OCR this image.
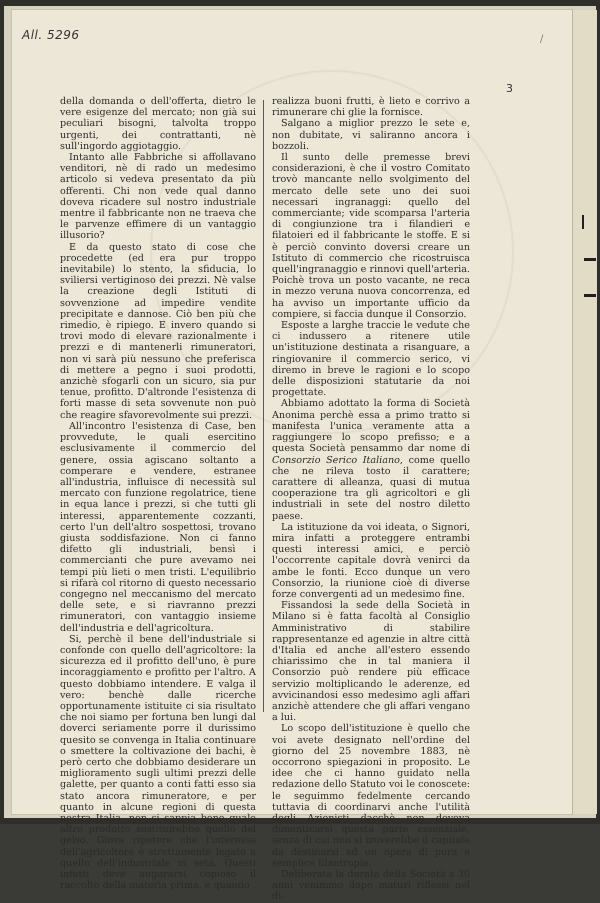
All. 5296	/
3

della domanda o dell'offerta, dietro le vere esigenze del mercato; non già sui peculiari bisogni, talvolta troppo urgenti, dei contrattanti, nè sull'ingordo aggiotaggio.

Intanto alle Fabbriche si affollavano venditori, nè di rado un medesimo articolo si vedeva presentato da più offerenti. Chi non vede qual danno doveva ricadere sul nostro industriale mentre il fabbricante non ne traeva che le parvenze effimere di un vantaggio illusorio?

E da questo stato di cose che procedette (ed era pur troppo inevitabile) lo stento, la sfiducia, lo sviliersi vertiginoso dei prezzi. Nè valse la creazione degli Istituti di sovvenzione ad impedire vendite precipitate e dannose. Ciò ben più che rimedio, è ripiego. E invero quando si trovi modo di elevare razionalmente i prezzi e di mantenerli rimuneratori, non vi sarà più nessuno che preferisca di mettere a pegno i suoi prodotti, anzichè sfogarli con un sicuro, sia pur tenue, profitto. D'altronde l'esistenza di forti masse di seta sovvenute non può che reagire sfavorevolmente sui prezzi.

All'incontro l'esistenza di Case, ben provvedute, le quali esercitino esclusivamente il commercio del genere, ossia agiscano soltanto a comperare e vendere, estranee all'industria, influisce di necessità sul mercato con funzione regolatrice, tiene in equa lance i prezzi, si che tutti gli interessi, apparentemente cozzanti, certo l'un dell'altro sospettosi, trovano giusta soddisfazione. Non ci fanno difetto gli industriali, bensì i commercianti che pure avevamo nei tempi più lieti o men tristi. L'equilibrio si rifarà col ritorno di questo necessario congegno nel meccanismo del mercato delle sete, e si riavranno prezzi rimuneratori, con vantaggio insieme dell'industria e dell'agricoltura.

Si, perchè il bene dell'industriale si confonde con quello dell'agricoltore: la sicurezza ed il profitto dell'uno, è pure incoraggiamento e profitto per l'altro. A questo dobbiamo intendere. E valga il vero: benchè dalle ricerche opportunamente istituite ci sia risultato che noi siamo per fortuna ben lungi dal doverci seriamente porre il durissimo quesito se convenga in Italia continuare o smettere la coltivazione dei bachi, è però certo che dobbiamo desiderare un miglioramento sugli ultimi prezzi delle galette, per quanto a conti fatti esso sia stato ancora rimuneratore, e per quanto in alcune regioni di questa nostra Italia, non si sappia bene quale altro prodotto sostituirebbe quello del gelso. Giova ripetere che l'interesse dell'agricoltore è strettamente legato a quello dell'industriale in seta. Questi infatti deve augurarsi copioso il raccolto della materia prima, e quando

realizza buoni frutti, è lieto e corrivo a rimunerare chi glie la fornisce.

Salgano a miglior prezzo le sete e, non dubitate, vi saliranno ancora i bozzoli.

Il sunto delle premesse brevi considerazioni, è che il vostro Comitato trovò mancante nello svolgimento del mercato delle sete uno dei suoi necessari ingranaggi: quello del commerciante; vide scomparsa l'arteria di congiunzione tra i filandieri e filatoieri ed il fabbricante le stoffe. E si è perciò convinto doversi creare un Istituto di commercio che ricostruisca quell'ingranaggio e rinnovi quell'arteria. Poichè trova un posto vacante, ne reca in mezzo veruna nuova concorrenza, ed ha avviso un importante ufficio da compiere, si faccia dunque il Consorzio.

Esposte a larghe traccie le vedute che ci indussero a ritenere utile un'istituzione destinata a risanguare, a ringiovanire il commercio serico, vi diremo in breve le ragioni e lo scopo delle disposizioni statutarie da noi progettate.

Abbiamo adottato la forma di Società Anonima perchè essa a primo tratto si manifesta l'unica veramente atta a raggiungere lo scopo prefisso; e a questa Società pensammo dar nome di Consorzio Serico Italiano, come quello che ne rileva tosto il carattere; carattere di alleanza, quasi di mutua cooperazione tra gli agricoltori e gli industriali in sete del nostro diletto paese.

La istituzione da voi ideata, o Signori, mira infatti a proteggere entrambi questi interessi amici, e perciò l'occorrente capitale dovrà venirci da ambe le fonti. Ecco dunque un vero Consorzio, la riunione cioè di diverse forze convergenti ad un medesimo fine.

Fissandosi la sede della Società in Milano si è fatta facoltà al Consiglio Amministrativo di stabilire rappresentanze ed agenzie in altre città d'Italia ed anche all'estero essendo chiarissimo che in tal maniera il Consorzio può rendere più efficace servizio moltiplicando le aderenze, ed avvicinandosi esso medesimo agli affari anzichè attendere che gli affari vengano a lui.

Lo scopo dell'istituzione è quello che voi avete designato nell'ordine del giorno del 25 novembre 1883, nè occorrono spiegazioni in proposito. Le idee che ci hanno guidato nella redazione dello Statuto voi le conoscete: le seguimmo fedelmente cercando tuttavia di coordinarvi anche l'utilità degli Azionisti dacchè non doveva dimenticarsi questa parte essenziale, senza di cui non si troverebbe il capitale da destinarsi ad un opera di pura e semplice filantropia.

Deliberata la durata della Società a 30 anni venimmo dopo maturi riflessi nel di-
